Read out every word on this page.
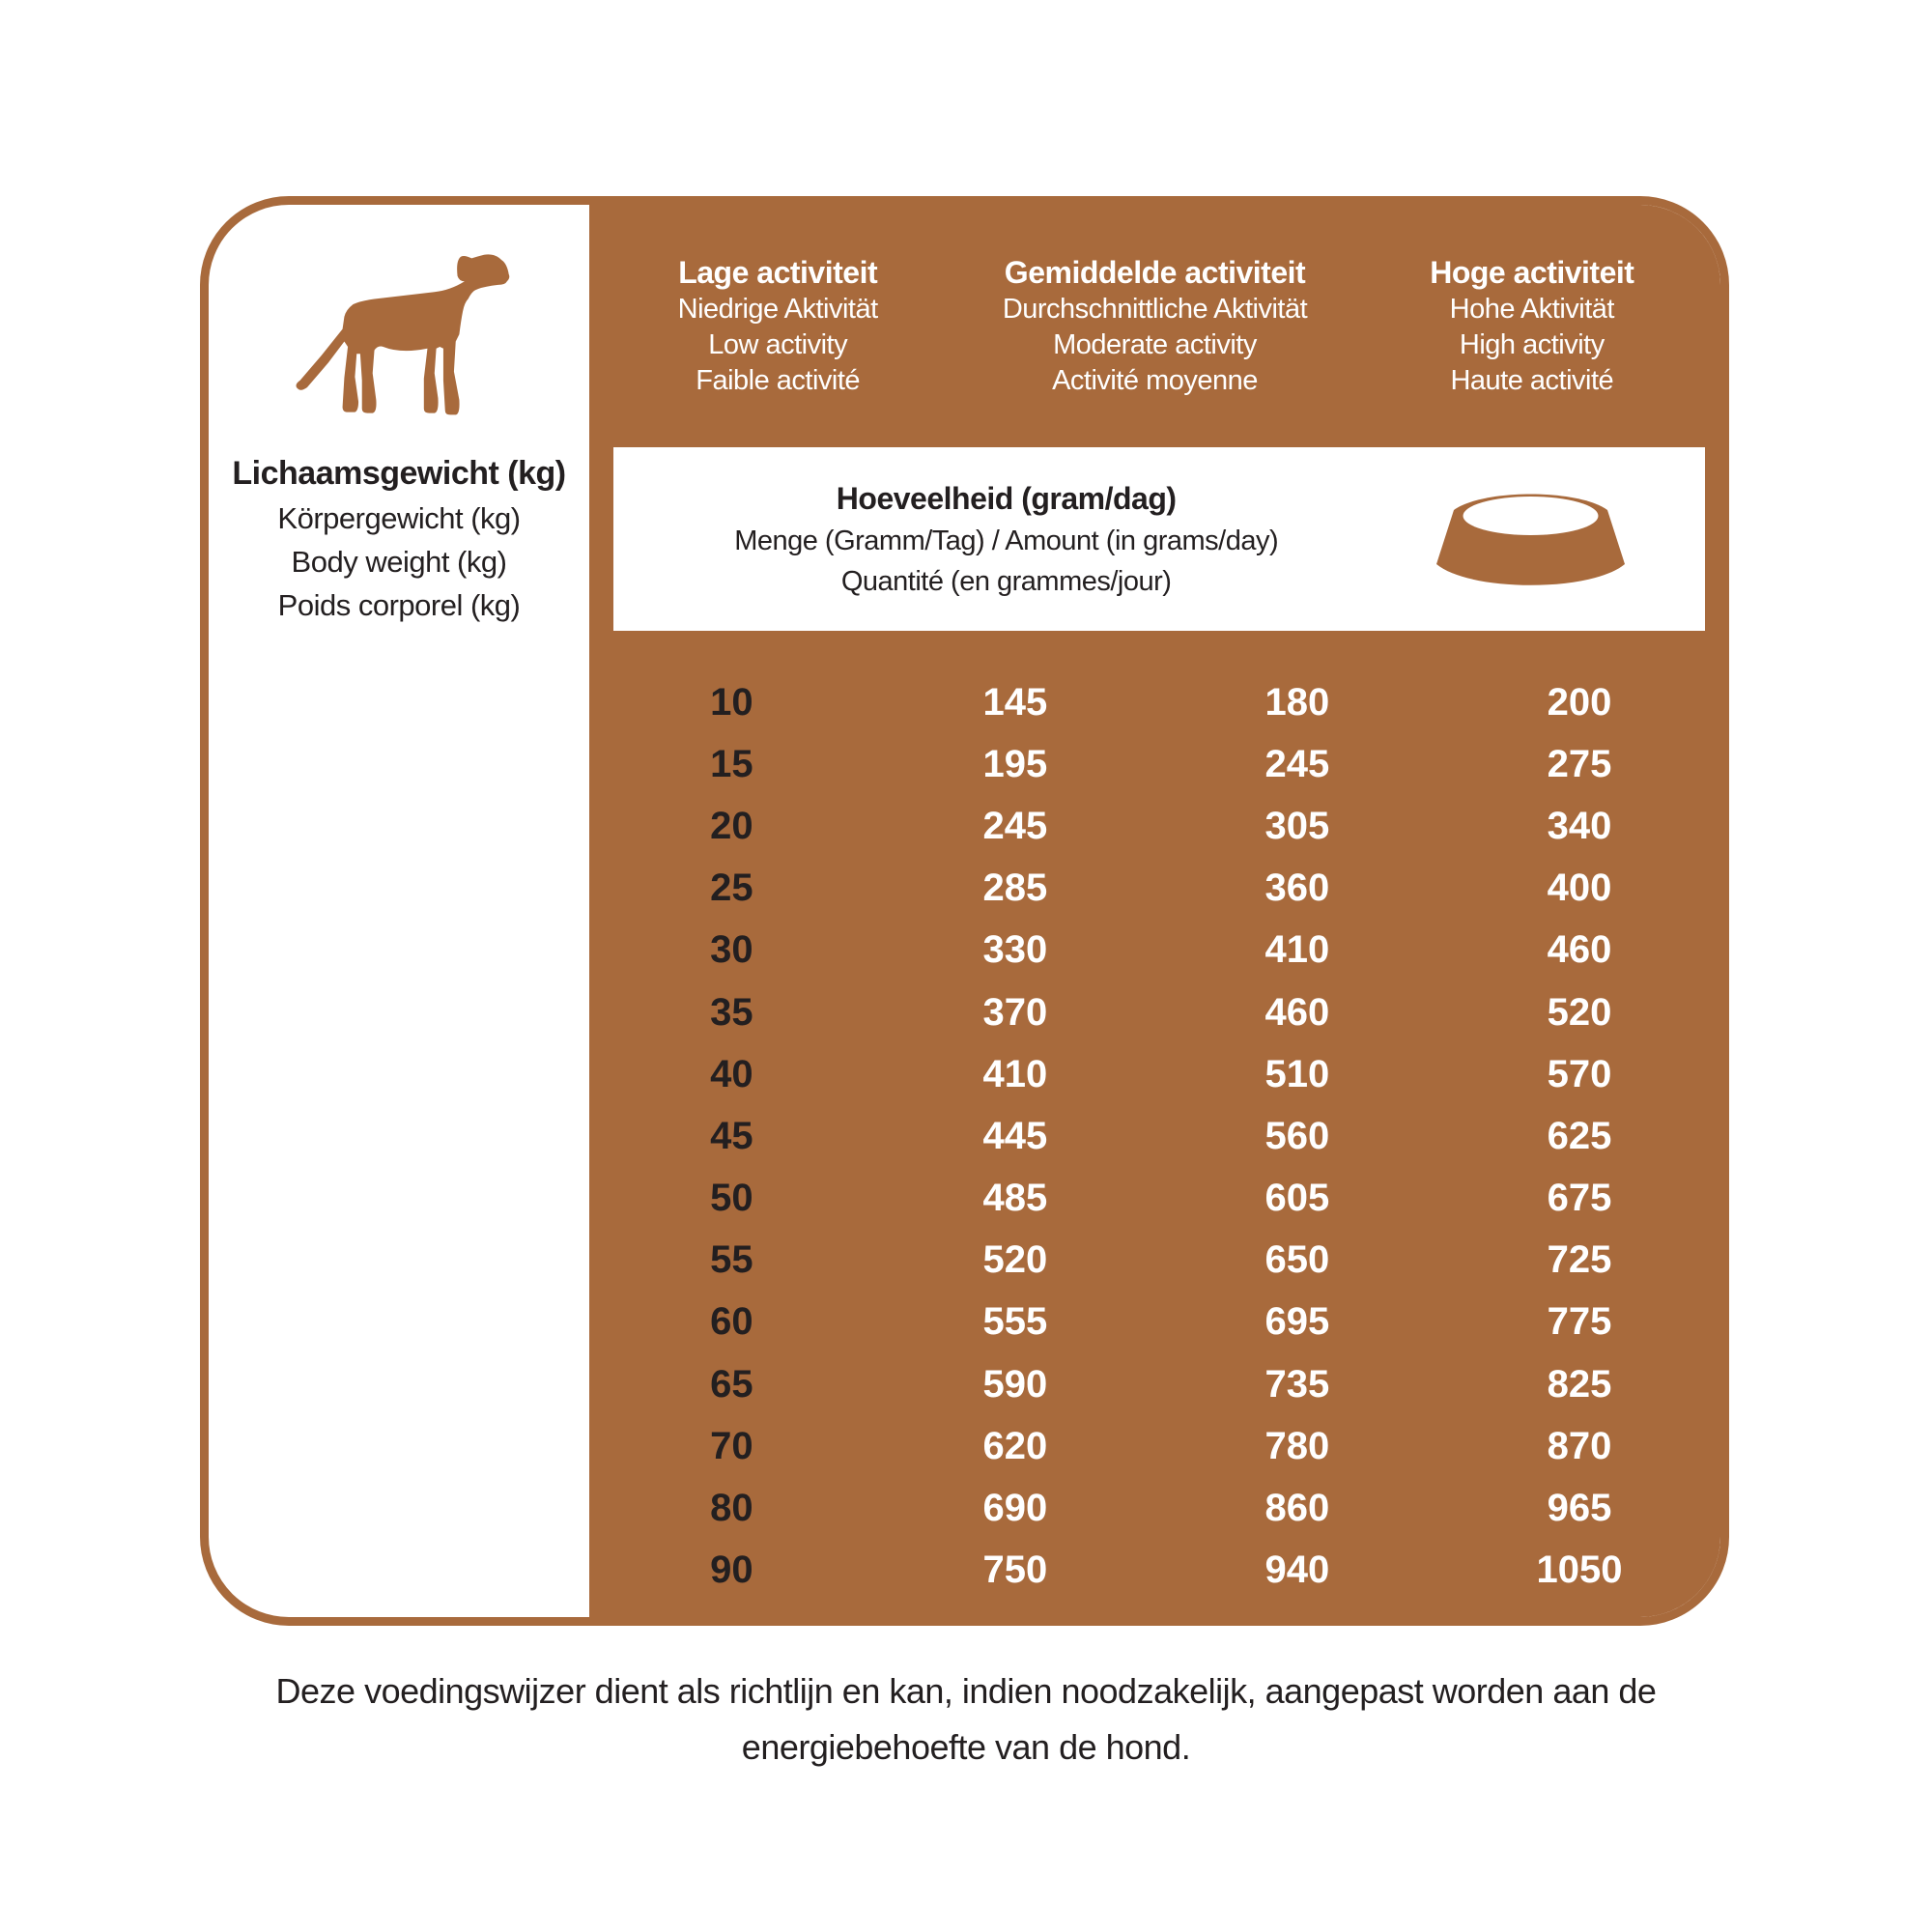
Lage activiteit
Niedrige Aktivität
Low activity
Faible activité
Gemiddelde activiteit
Durchschnittliche Aktivität
Moderate activity
Activité moyenne
Hoge activiteit
Hohe Aktivität
High activity
Haute activité
Hoeveelheid (gram/dag)
Menge (Gramm/Tag) / Amount (in grams/day)
Quantité (en grammes/jour)
10	145	180	200
15	195	245	275
20	245	305	340
25	285	360	400
30	330	410	460
35	370	460	520
40	410	510	570
45	445	560	625
50	485	605	675
55	520	650	725
60	555	695	775
65	590	735	825
70	620	780	870
80	690	860	965
90	750	940	1050
Lichaamsgewicht (kg)
Körpergewicht (kg)
Body weight (kg)
Poids corporel (kg)
Deze voedingswijzer dient als richtlijn en kan, indien noodzakelijk, aangepast worden aan de
energiebehoefte van de hond.
